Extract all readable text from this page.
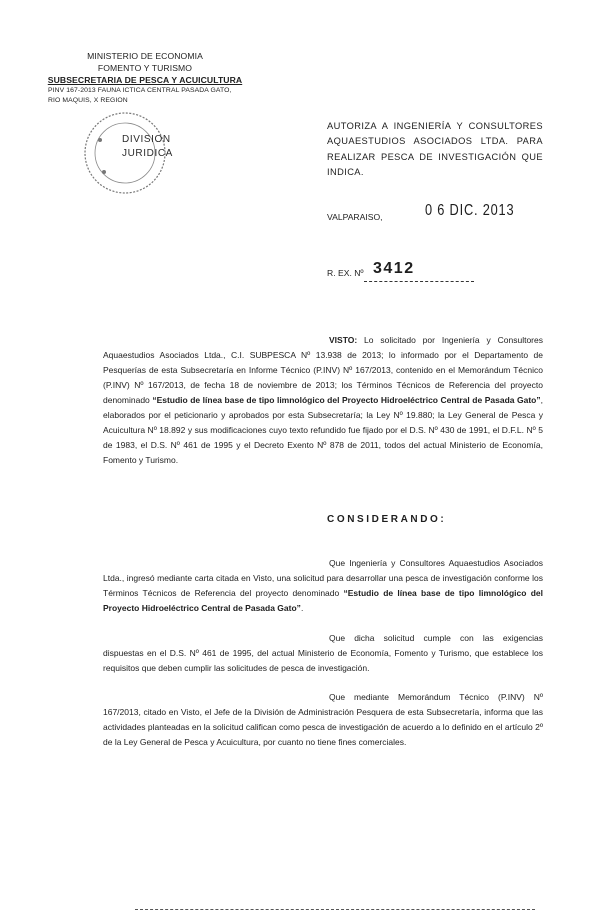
MINISTERIO DE ECONOMIA
FOMENTO Y TURISMO
SUBSECRETARIA DE PESCA Y ACUICULTURA
PINV 167-2013 FAUNA ICTICA CENTRAL PASADA GATO,
RIO MAQUIS, X REGION
DIVISION
JURIDICA
AUTORIZA A INGENIERÍA Y CONSULTORES AQUAESTUDIOS ASOCIADOS LTDA. PARA REALIZAR PESCA DE INVESTIGACIÓN QUE INDICA.
VALPARAISO,	0 6 DIC. 2013
R. EX. Nº 3412
VISTO: Lo solicitado por Ingeniería y Consultores Aquaestudios Asociados Ltda., C.I. SUBPESCA Nº 13.938 de 2013; lo informado por el Departamento de Pesquerías de esta Subsecretaría en Informe Técnico (P.INV) Nº 167/2013, contenido en el Memorándum Técnico (P.INV) Nº 167/2013, de fecha 18 de noviembre de 2013; los Términos Técnicos de Referencia del proyecto denominado “Estudio de línea base de tipo limnológico del Proyecto Hidroeléctrico Central de Pasada Gato”, elaborados por el peticionario y aprobados por esta Subsecretaría; la Ley Nº 19.880; la Ley General de Pesca y Acuicultura Nº 18.892 y sus modificaciones cuyo texto refundido fue fijado por el D.S. Nº 430 de 1991, el D.F.L. Nº 5 de 1983, el D.S. Nº 461 de 1995 y el Decreto Exento Nº 878 de 2011, todos del actual Ministerio de Economía, Fomento y Turismo.
CONSIDERANDO:
Que Ingeniería y Consultores Aquaestudios Asociados Ltda., ingresó mediante carta citada en Visto, una solicitud para desarrollar una pesca de investigación conforme los Términos Técnicos de Referencia del proyecto denominado “Estudio de línea base de tipo limnológico del Proyecto Hidroeléctrico Central de Pasada Gato”.
Que dicha solicitud cumple con las exigencias dispuestas en el D.S. Nº 461 de 1995, del actual Ministerio de Economía, Fomento y Turismo, que establece los requisitos que deben cumplir las solicitudes de pesca de investigación.
Que mediante Memorándum Técnico (P.INV) Nº 167/2013, citado en Visto, el Jefe de la División de Administración Pesquera de esta Subsecretaría, informa que las actividades planteadas en la solicitud califican como pesca de investigación de acuerdo a lo definido en el artículo 2º de la Ley General de Pesca y Acuicultura, por cuanto no tiene fines comerciales.
